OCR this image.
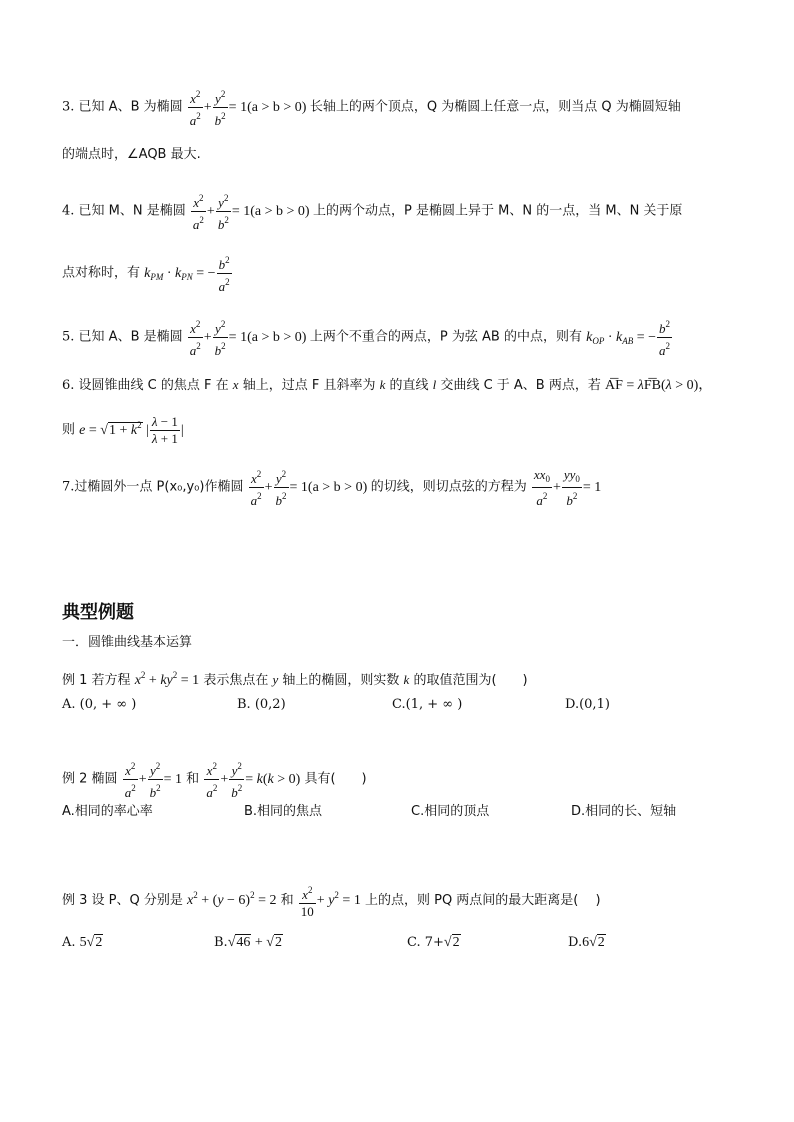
3. 已知 A、B 为椭圆 $\frac{x^2}{a^2} + \frac{y^2}{b^2} = 1(a > b > 0)$ 长轴上的两个顶点，Q 为椭圆上任意一点，则当点 Q 为椭圆短轴
的端点时，∠AQB 最大.
4. 已知 M、N 是椭圆 $\frac{x^2}{a^2} + \frac{y^2}{b^2} = 1(a > b > 0)$ 上的两个动点，P 是椭圆上异于 M、N 的一点，当 M、N 关于原
点对称时，有 $k_{PM} \cdot k_{PN}$ = − $\frac{b^2}{a^2}$
5. 已知 A、B 是椭圆 $\frac{x^2}{a^2} + \frac{y^2}{b^2} = 1(a > b > 0)$ 上两个不重合的两点，P 为弦 AB 的中点，则有 $k_{OP} \cdot k_{AB}$ = − $\frac{b^2}{a^2}$
6. 设圆锥曲线 C 的焦点 F 在 x 轴上，过点 F 且斜率为 k 的直线 l 交曲线 C 于 A、B 两点，若 A͞F = λF͞B(λ > 0)，
则 $e = √1 + k^2$ | $\frac{\lambda - 1}{\lambda + 1}$ |
7.过椭圆外一点 P(x₀,y₀)作椭圆 $\frac{x^2}{a^2} + \frac{y^2}{b^2} = 1(a > b > 0)$ 的切线，则切点弦的方程为 $\frac{xx_0}{a^2} + \frac{yy_0}{b^2} = 1$
典型例题
一．圆锥曲线基本运算
例 1 若方程 $x^2 + ky^2 = 1$ 表示焦点在 y 轴上的椭圆，则实数 k 的取值范围为(　　)
A. (0, + ∞ )	B. (0,2)	C.(1, + ∞ )	D.(0,1)
例 2 椭圆 $\frac{x^2}{a^2} + \frac{y^2}{b^2} = 1$ 和 $\frac{x^2}{a^2} + \frac{y^2}{b^2} = k(k > 0)$ 具有(　　)
A.相同的率心率	B.相同的焦点	C.相同的顶点	D.相同的长、短轴
例 3 设 P、Q 分别是 $x^2 + (y - 6)^2 = 2$ 和 $\frac{x^2}{10} + y^2 = 1$ 上的点，则 PQ 两点间的最大距离是(　 )
A. 5√2	B.√46 + √2	C. 7+√2	D.6√2
